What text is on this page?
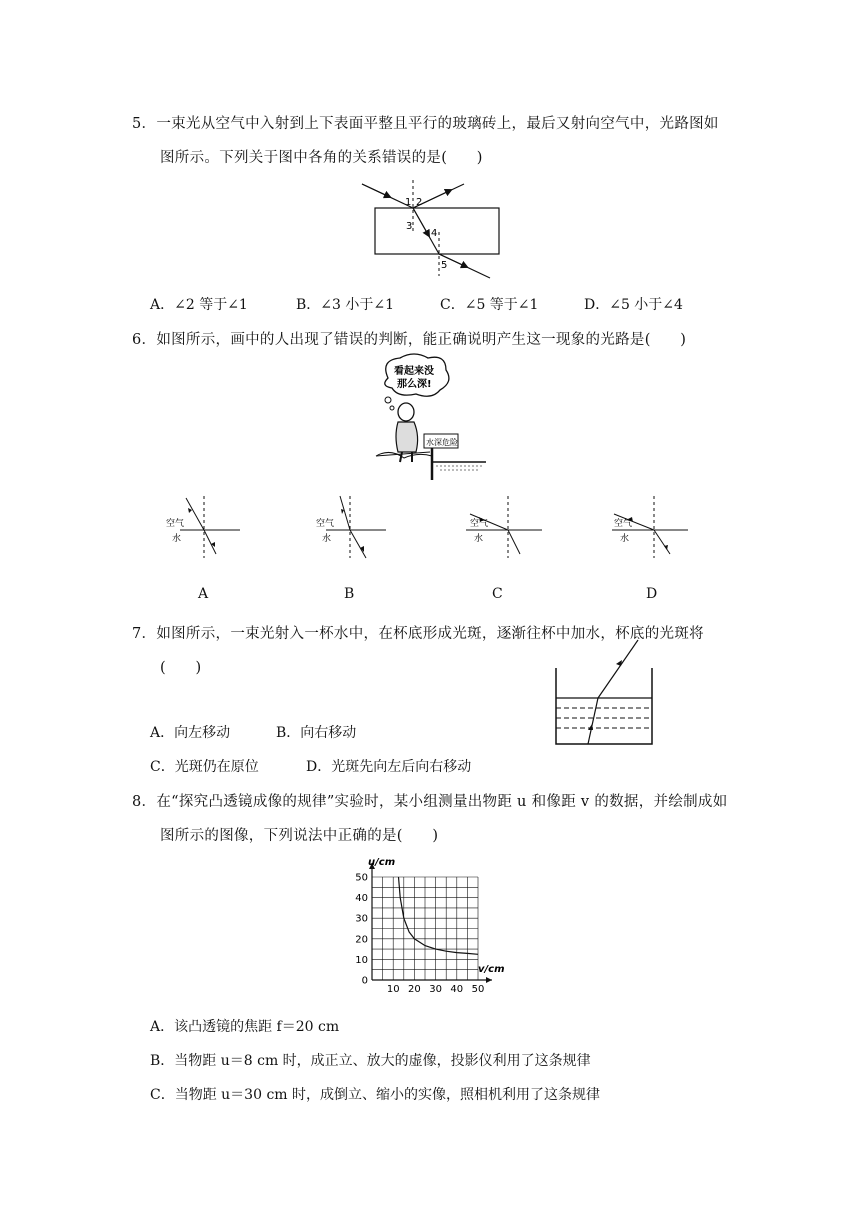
5．一束光从空气中入射到上下表面平整且平行的玻璃砖上，最后又射向空气中，光路图如
图所示。下列关于图中各角的关系错误的是(　　)
1 2
3
4
5
A．∠2 等于∠1	B．∠3 小于∠1	C．∠5 等于∠1	D．∠5 小于∠4
6．如图所示，画中的人出现了错误的判断，能正确说明产生这一现象的光路是(　　)
看起来没
那么深!
水深危险
空气
水
空气
水
空气
水
空气
水
A	B	C	D
7．如图所示，一束光射入一杯水中，在杯底形成光斑，逐渐往杯中加水，杯底的光斑将
(　　)
A．向左移动	B．向右移动
C．光斑仍在原位	D．光斑先向左后向右移动
8．在“探究凸透镜成像的规律”实验时，某小组测量出物距 u 和像距 v 的数据，并绘制成如
图所示的图像，下列说法中正确的是(　　)
10 20 30 40 50
50
40
30
20
10
0
u/cm
v/cm
A．该凸透镜的焦距 f＝20 cm
B．当物距 u＝8 cm 时，成正立、放大的虚像，投影仪利用了这条规律
C．当物距 u＝30 cm 时，成倒立、缩小的实像，照相机利用了这条规律
